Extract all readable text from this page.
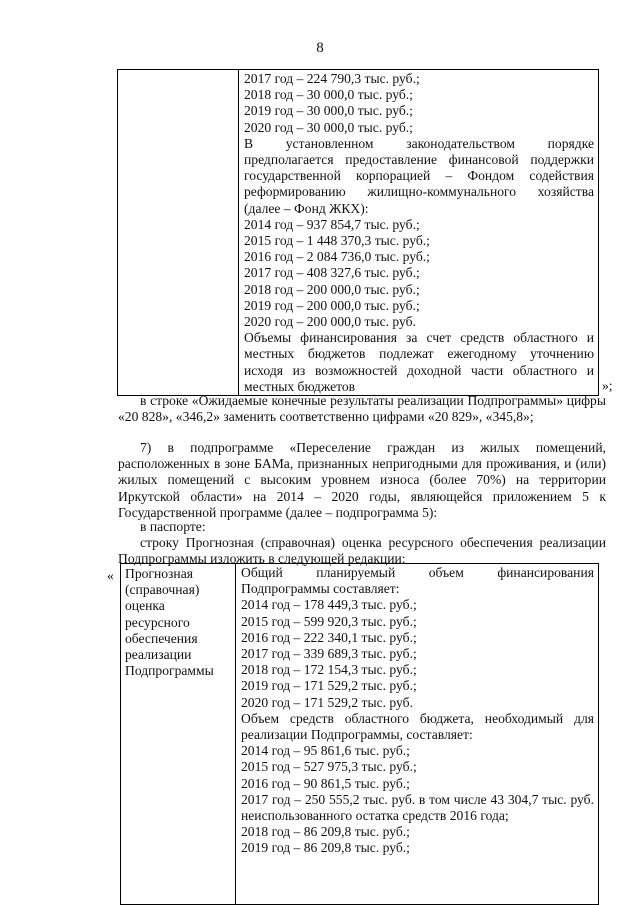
8

2017 год – 224 790,3 тыс. руб.;
2018 год – 30 000,0 тыс. руб.;
2019 год – 30 000,0 тыс. руб.;
2020 год – 30 000,0 тыс. руб.;
В установленном законодательством порядке предполагается предоставление финансовой поддержки государственной корпорацией – Фондом содействия реформированию жилищно-коммунального хозяйства (далее – Фонд ЖКХ):
2014 год – 937 854,7 тыс. руб.;
2015 год – 1 448 370,3 тыс. руб.;
2016 год – 2 084 736,0 тыс. руб.;
2017 год – 408 327,6 тыс. руб.;
2018 год – 200 000,0 тыс. руб.;
2019 год – 200 000,0 тыс. руб.;
2020 год – 200 000,0 тыс. руб.
Объемы финансирования за счет средств областного и местных бюджетов подлежат ежегодному уточнению исходя из возможностей доходной части областного и местных бюджетов	»;
в строке «Ожидаемые конечные результаты реализации Подпрограммы» цифры «20 828», «346,2» заменить соответственно цифрами «20 829», «345,8»;
7) в подпрограмме «Переселение граждан из жилых помещений, расположенных в зоне БАМа, признанных непригодными для проживания, и (или) жилых помещений с высоким уровнем износа (более 70%) на территории Иркутской области» на 2014 – 2020 годы, являющейся приложением 5 к Государственной программе (далее – подпрограмма 5):
в паспорте:
строку Прогнозная (справочная) оценка ресурсного обеспечения реализации Подпрограммы изложить в следующей редакции:
« Прогнозная
(справочная)
оценка
ресурсного
обеспечения
реализации
Подпрограммы

Общий планируемый объем финансирования Подпрограммы составляет:
2014 год – 178 449,3 тыс. руб.;
2015 год – 599 920,3 тыс. руб.;
2016 год – 222 340,1 тыс. руб.;
2017 год – 339 689,3 тыс. руб.;
2018 год – 172 154,3 тыс. руб.;
2019 год – 171 529,2 тыс. руб.;
2020 год – 171 529,2 тыс. руб.
Объем средств областного бюджета, необходимый для реализации Подпрограммы, составляет:
2014 год – 95 861,6 тыс. руб.;
2015 год – 527 975,3 тыс. руб.;
2016 год – 90 861,5 тыс. руб.;
2017 год – 250 555,2 тыс. руб. в том числе 43 304,7 тыс. руб. неиспользованного остатка средств 2016 года;
2018 год – 86 209,8 тыс. руб.;
2019 год – 86 209,8 тыс. руб.;
